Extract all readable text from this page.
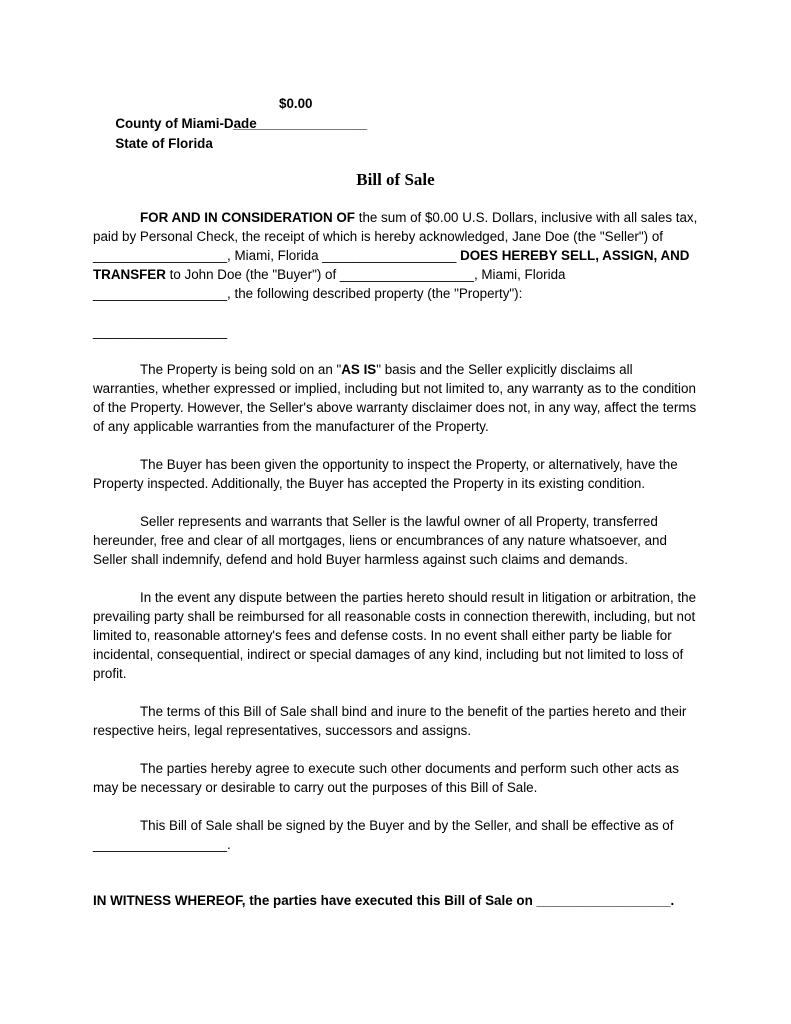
County of Miami-Dade

$0.00

State of Florida

__________________

Bill of Sale

FOR AND IN CONSIDERATION OF the sum of $0.00 U.S. Dollars, inclusive with all sales tax, paid by Personal Check, the receipt of which is hereby acknowledged, Jane Doe (the "Seller") of __________________, Miami, Florida __________________ DOES HEREBY SELL, ASSIGN, AND TRANSFER to John Doe (the "Buyer") of __________________, Miami, Florida __________________, the following described property (the "Property"):

__________________

The Property is being sold on an "AS IS" basis and the Seller explicitly disclaims all warranties, whether expressed or implied, including but not limited to, any warranty as to the condition of the Property. However, the Seller's above warranty disclaimer does not, in any way, affect the terms of any applicable warranties from the manufacturer of the Property.

The Buyer has been given the opportunity to inspect the Property, or alternatively, have the Property inspected. Additionally, the Buyer has accepted the Property in its existing condition.

Seller represents and warrants that Seller is the lawful owner of all Property, transferred hereunder, free and clear of all mortgages, liens or encumbrances of any nature whatsoever, and Seller shall indemnify, defend and hold Buyer harmless against such claims and demands.

In the event any dispute between the parties hereto should result in litigation or arbitration, the prevailing party shall be reimbursed for all reasonable costs in connection therewith, including, but not limited to, reasonable attorney's fees and defense costs. In no event shall either party be liable for incidental, consequential, indirect or special damages of any kind, including but not limited to loss of profit.

The terms of this Bill of Sale shall bind and inure to the benefit of the parties hereto and their respective heirs, legal representatives, successors and assigns.

The parties hereby agree to execute such other documents and perform such other acts as may be necessary or desirable to carry out the purposes of this Bill of Sale.

This Bill of Sale shall be signed by the Buyer and by the Seller, and shall be effective as of __________________.

IN WITNESS WHEREOF, the parties have executed this Bill of Sale on __________________.
